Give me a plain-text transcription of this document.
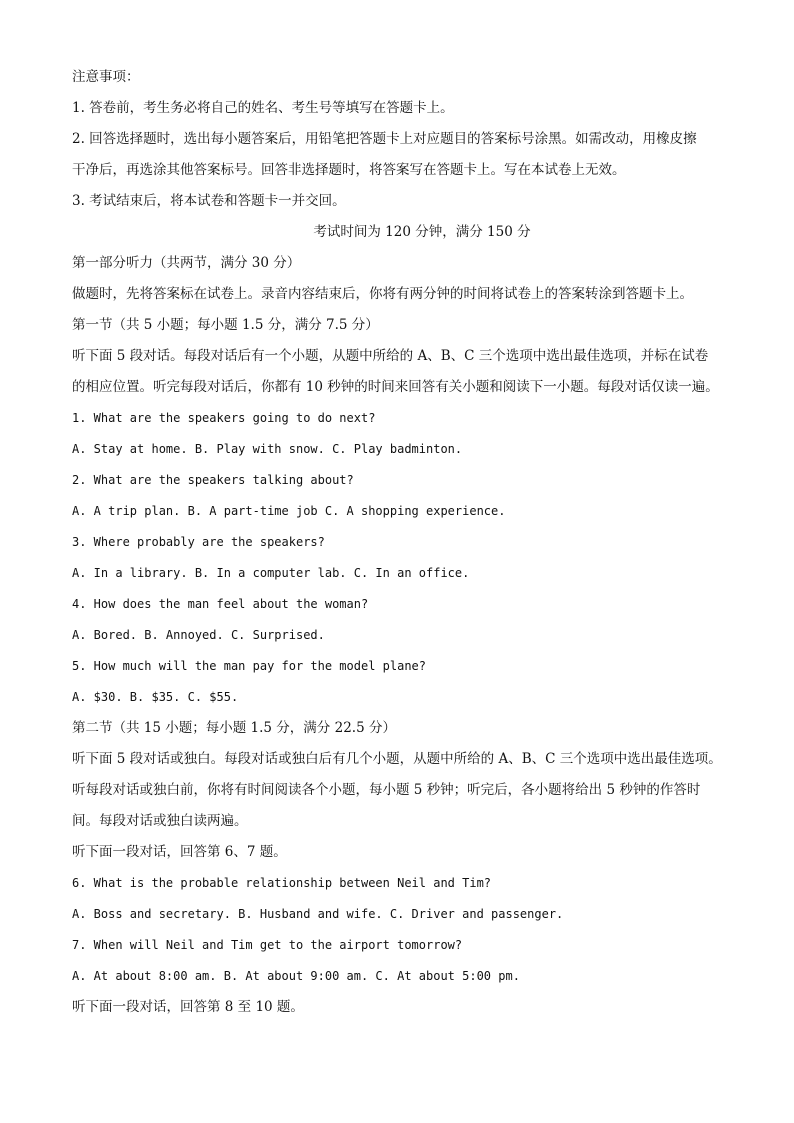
注意事项：
1. 答卷前，考生务必将自己的姓名、考生号等填写在答题卡上。
2. 回答选择题时，选出每小题答案后，用铅笔把答题卡上对应题目的答案标号涂黑。如需改动，用橡皮擦
干净后，再选涂其他答案标号。回答非选择题时，将答案写在答题卡上。写在本试卷上无效。
3. 考试结束后，将本试卷和答题卡一并交回。
考试时间为 120 分钟，满分 150 分
第一部分听力（共两节，满分 30 分）
做题时，先将答案标在试卷上。录音内容结束后，你将有两分钟的时间将试卷上的答案转涂到答题卡上。
第一节（共 5 小题；每小题 1.5 分，满分 7.5 分）
听下面 5 段对话。每段对话后有一个小题，从题中所给的 A、B、C 三个选项中选出最佳选项，并标在试卷
的相应位置。听完每段对话后，你都有 10 秒钟的时间来回答有关小题和阅读下一小题。每段对话仅读一遍。
1. What are the speakers going to do next?
A. Stay at home. B. Play with snow. C. Play badminton.
2. What are the speakers talking about?
A. A trip plan. B. A part-time job C. A shopping experience.
3. Where probably are the speakers?
A. In a library. B. In a computer lab. C. In an office.
4. How does the man feel about the woman?
A. Bored. B. Annoyed. C. Surprised.
5. How much will the man pay for the model plane?
A. $30. B. $35. C. $55.
第二节（共 15 小题；每小题 1.5 分，满分 22.5 分）
听下面 5 段对话或独白。每段对话或独白后有几个小题，从题中所给的 A、B、C 三个选项中选出最佳选项。
听每段对话或独白前，你将有时间阅读各个小题，每小题 5 秒钟；听完后，各小题将给出 5 秒钟的作答时
间。每段对话或独白读两遍。
听下面一段对话，回答第 6、7 题。
6. What is the probable relationship between Neil and Tim?
A. Boss and secretary. B. Husband and wife. C. Driver and passenger.
7. When will Neil and Tim get to the airport tomorrow?
A. At about 8:00 am. B. At about 9:00 am. C. At about 5:00 pm.
听下面一段对话，回答第 8 至 10 题。
